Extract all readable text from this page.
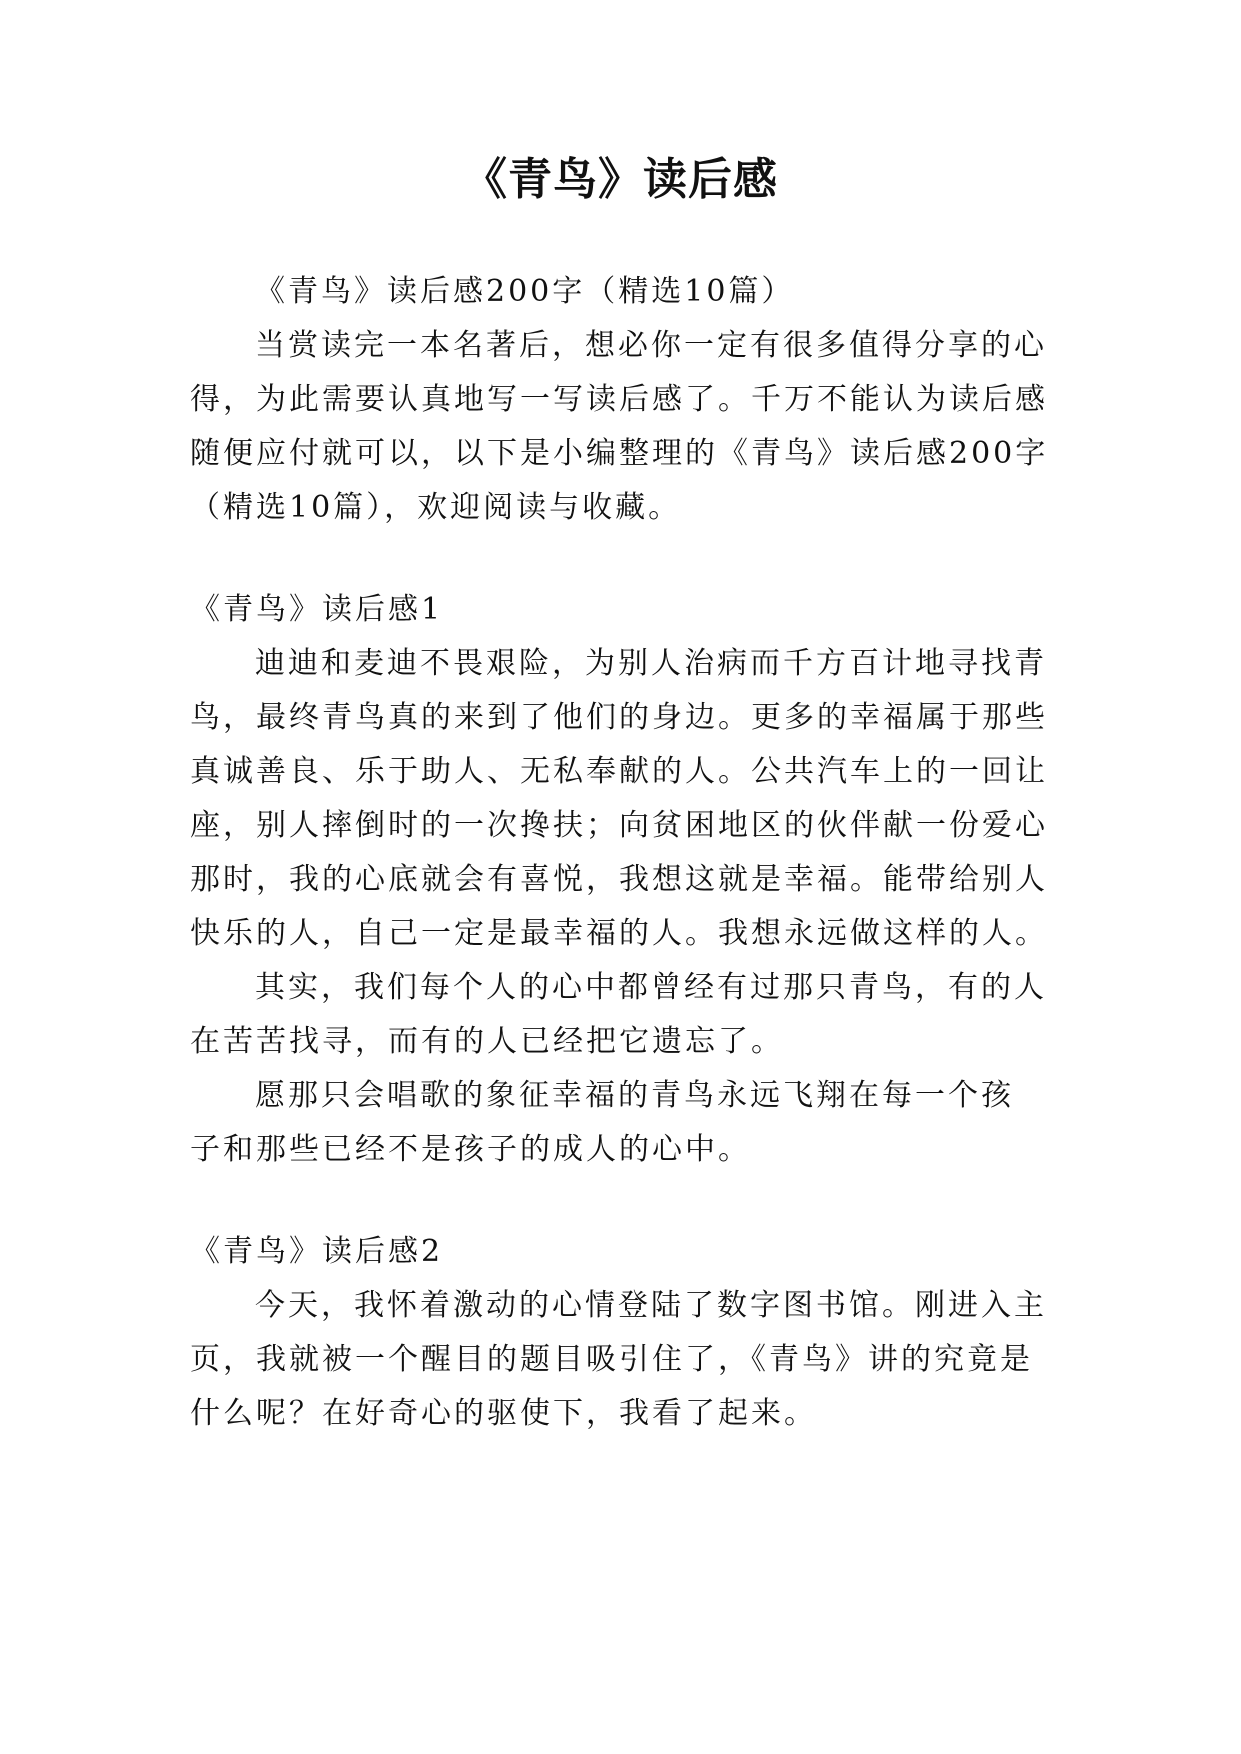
《青鸟》读后感
《青鸟》读后感200字（精选10篇）
当赏读完一本名著后，想必你一定有很多值得分享的心
得，为此需要认真地写一写读后感了。千万不能认为读后感
随便应付就可以，以下是小编整理的《青鸟》读后感200字
（精选10篇），欢迎阅读与收藏。
《青鸟》读后感1
迪迪和麦迪不畏艰险，为别人治病而千方百计地寻找青
鸟，最终青鸟真的来到了他们的身边。更多的幸福属于那些
真诚善良、乐于助人、无私奉献的人。公共汽车上的一回让
座，别人摔倒时的一次搀扶；向贫困地区的伙伴献一份爱心
那时，我的心底就会有喜悦，我想这就是幸福。能带给别人
快乐的人，自己一定是最幸福的人。我想永远做这样的人。
其实，我们每个人的心中都曾经有过那只青鸟，有的人
在苦苦找寻，而有的人已经把它遗忘了。
愿那只会唱歌的象征幸福的青鸟永远飞翔在每一个孩
子和那些已经不是孩子的成人的心中。
《青鸟》读后感2
今天，我怀着激动的心情登陆了数字图书馆。刚进入主
页，我就被一个醒目的题目吸引住了，《青鸟》讲的究竟是
什么呢？在好奇心的驱使下，我看了起来。
